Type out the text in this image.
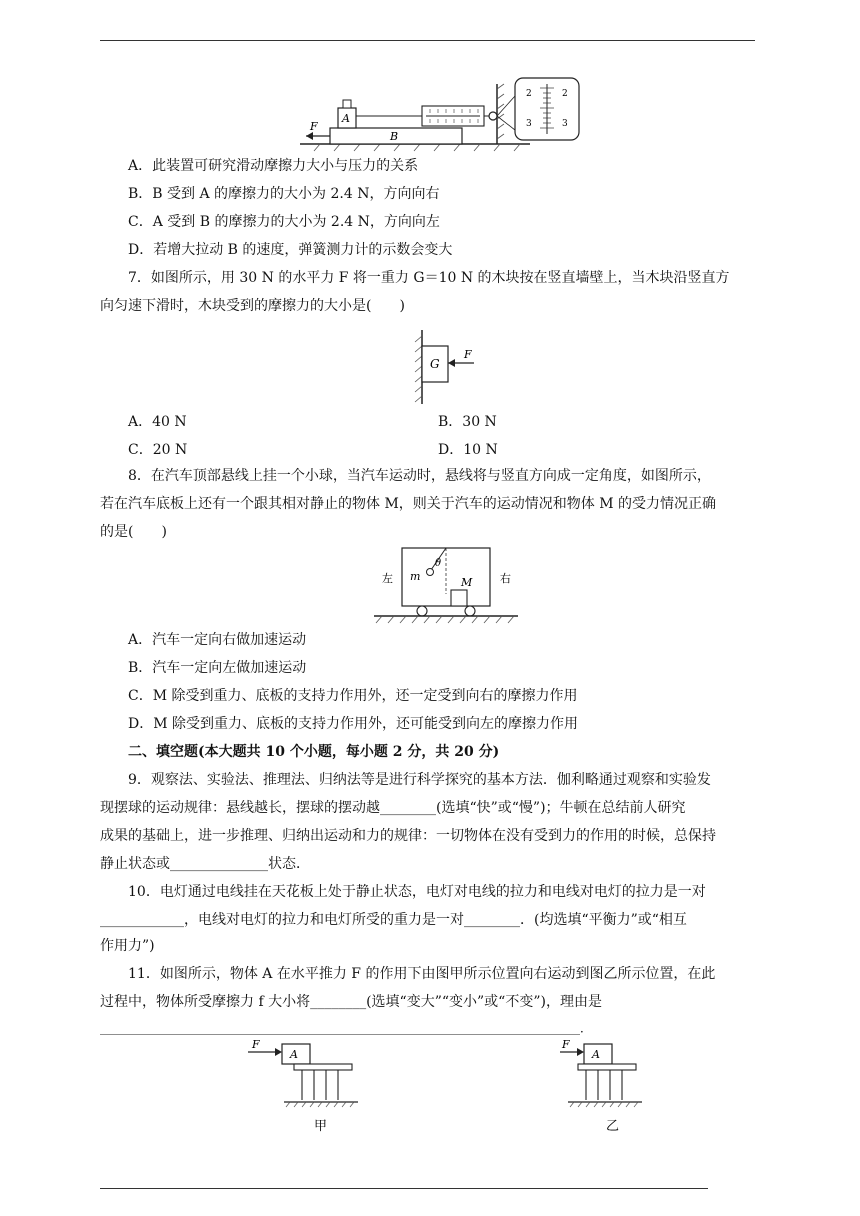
B
A
F
2
3
2
3
A．此装置可研究滑动摩擦力大小与压力的关系
B．B 受到 A 的摩擦力的大小为 2.4 N，方向向右
C．A 受到 B 的摩擦力的大小为 2.4 N，方向向左
D．若增大拉动 B 的速度，弹簧测力计的示数会变大
7．如图所示，用 30 N 的水平力 F 将一重力 G＝10 N 的木块按在竖直墙壁上，当木块沿竖直方
向匀速下滑时，木块受到的摩擦力的大小是(　　)
G
F
A．40 N	B．30 N
C．20 N	D．10 N
8．在汽车顶部悬线上挂一个小球，当汽车运动时，悬线将与竖直方向成一定角度，如图所示，
若在汽车底板上还有一个跟其相对静止的物体 M，则关于汽车的运动情况和物体 M 的受力情况正确
的是(　　)
左	右
m
θ
M
A．汽车一定向右做加速运动
B．汽车一定向左做加速运动
C．M 除受到重力、底板的支持力作用外，还一定受到向右的摩擦力作用
D．M 除受到重力、底板的支持力作用外，还可能受到向左的摩擦力作用
二、填空题(本大题共 10 个小题，每小题 2 分，共 20 分)
9．观察法、实验法、推理法、归纳法等是进行科学探究的基本方法．伽利略通过观察和实验发
现摆球的运动规律：悬线越长，摆球的摆动越________(选填“快”或“慢”)；牛顿在总结前人研究
成果的基础上，进一步推理、归纳出运动和力的规律：一切物体在没有受到力的作用的时候，总保持
静止状态或______________状态．
10．电灯通过电线挂在天花板上处于静止状态，电灯对电线的拉力和电线对电灯的拉力是一对
____________，电线对电灯的拉力和电灯所受的重力是一对________．(均选填“平衡力”或“相互
作用力”)
11．如图所示，物体 A 在水平推力 F 的作用下由图甲所示位置向右运动到图乙所示位置，在此
过程中，物体所受摩擦力 f 大小将________(选填“变大”“变小”或“不变”)，理由是
________________________________________________________________________________．
F
A
甲
F
A
乙
